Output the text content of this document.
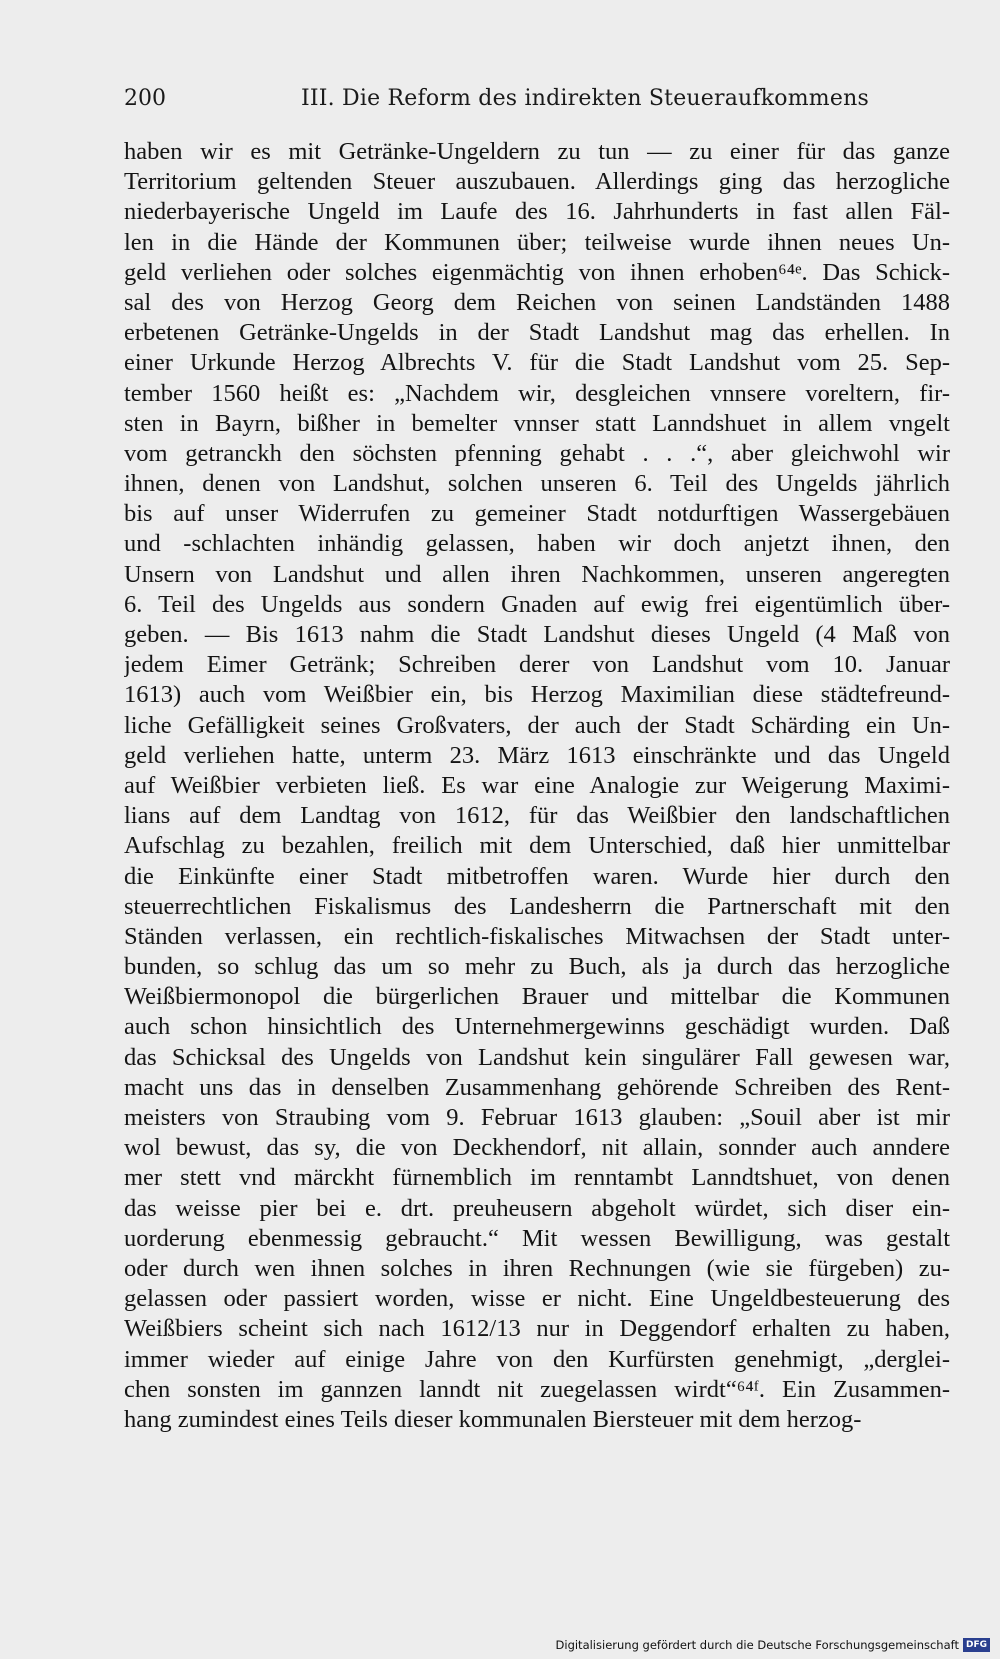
200	III. Die Reform des indirekten Steueraufkommens
haben wir es mit Getränke-Ungeldern zu tun — zu einer für das ganze
Territorium geltenden Steuer auszubauen. Allerdings ging das herzogliche
niederbayerische Ungeld im Laufe des 16. Jahrhunderts in fast allen Fäl-
len in die Hände der Kommunen über; teilweise wurde ihnen neues Un-
geld verliehen oder solches eigenmächtig von ihnen erhoben⁶⁴ᵉ. Das Schick-
sal des von Herzog Georg dem Reichen von seinen Landständen 1488
erbetenen Getränke-Ungelds in der Stadt Landshut mag das erhellen. In
einer Urkunde Herzog Albrechts V. für die Stadt Landshut vom 25. Sep-
tember 1560 heißt es: „Nachdem wir, desgleichen vnnsere voreltern, fir-
sten in Bayrn, bißher in bemelter vnnser statt Lanndshuet in allem vngelt
vom getranckh den söchsten pfenning gehabt . . .“, aber gleichwohl wir
ihnen, denen von Landshut, solchen unseren 6. Teil des Ungelds jährlich
bis auf unser Widerrufen zu gemeiner Stadt notdurftigen Wassergebäuen
und -schlachten inhändig gelassen, haben wir doch anjetzt ihnen, den
Unsern von Landshut und allen ihren Nachkommen, unseren angeregten
6. Teil des Ungelds aus sondern Gnaden auf ewig frei eigentümlich über-
geben. — Bis 1613 nahm die Stadt Landshut dieses Ungeld (4 Maß von
jedem Eimer Getränk; Schreiben derer von Landshut vom 10. Januar
1613) auch vom Weißbier ein, bis Herzog Maximilian diese städtefreund-
liche Gefälligkeit seines Großvaters, der auch der Stadt Schärding ein Un-
geld verliehen hatte, unterm 23. März 1613 einschränkte und das Ungeld
auf Weißbier verbieten ließ. Es war eine Analogie zur Weigerung Maximi-
lians auf dem Landtag von 1612, für das Weißbier den landschaftlichen
Aufschlag zu bezahlen, freilich mit dem Unterschied, daß hier unmittelbar
die Einkünfte einer Stadt mitbetroffen waren. Wurde hier durch den
steuerrechtlichen Fiskalismus des Landesherrn die Partnerschaft mit den
Ständen verlassen, ein rechtlich-fiskalisches Mitwachsen der Stadt unter-
bunden, so schlug das um so mehr zu Buch, als ja durch das herzogliche
Weißbiermonopol die bürgerlichen Brauer und mittelbar die Kommunen
auch schon hinsichtlich des Unternehmergewinns geschädigt wurden. Daß
das Schicksal des Ungelds von Landshut kein singulärer Fall gewesen war,
macht uns das in denselben Zusammenhang gehörende Schreiben des Rent-
meisters von Straubing vom 9. Februar 1613 glauben: „Souil aber ist mir
wol bewust, das sy, die von Deckhendorf, nit allain, sonnder auch anndere
mer stett vnd märckht fürnemblich im renntambt Lanndtshuet, von denen
das weisse pier bei e. drt. preuheusern abgeholt würdet, sich diser ein-
uorderung ebenmessig gebraucht.“ Mit wessen Bewilligung, was gestalt
oder durch wen ihnen solches in ihren Rechnungen (wie sie fürgeben) zu-
gelassen oder passiert worden, wisse er nicht. Eine Ungeldbesteuerung des
Weißbiers scheint sich nach 1612/13 nur in Deggendorf erhalten zu haben,
immer wieder auf einige Jahre von den Kurfürsten genehmigt, „derglei-
chen sonsten im gannzen lanndt nit zuegelassen wirdt“⁶⁴ᶠ. Ein Zusammen-
hang zumindest eines Teils dieser kommunalen Biersteuer mit dem herzog-
Digitalisierung gefördert durch die Deutsche Forschungsgemeinschaft DFG
